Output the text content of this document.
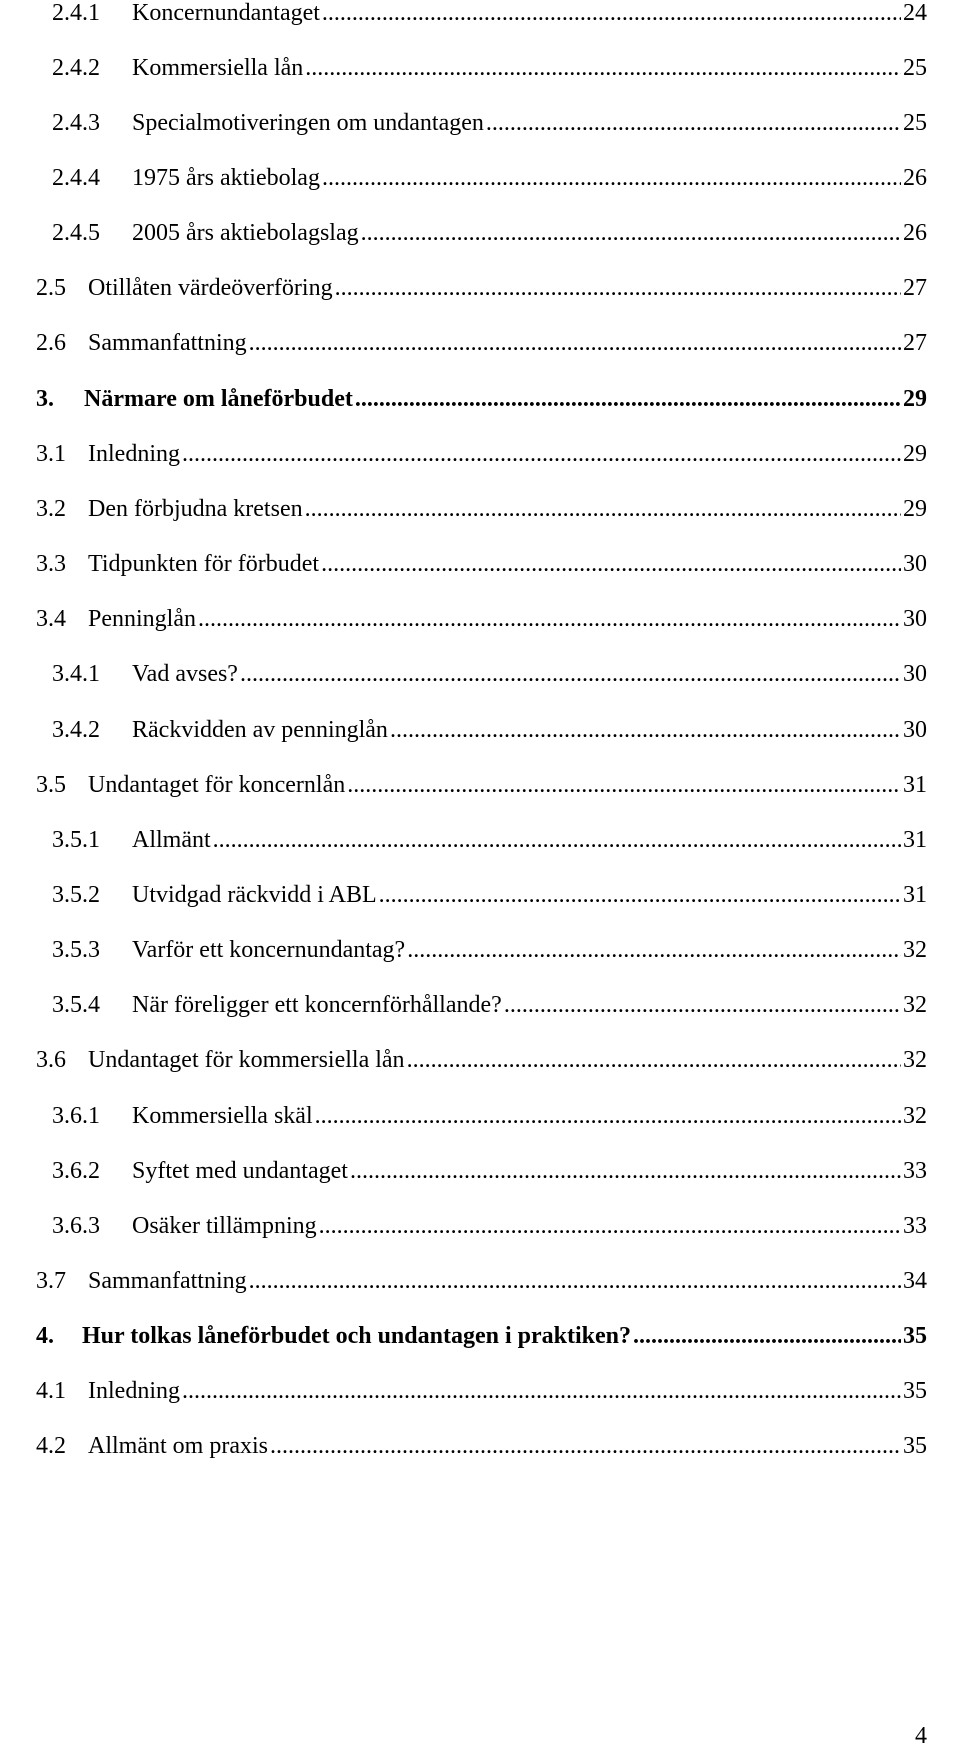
2.4.1	Koncernundantaget .....	24
2.4.2	Kommersiella lån .....	25
2.4.3	Specialmotiveringen om undantagen .....	25
2.4.4	1975 års aktiebolag .....	26
2.4.5	2005 års aktiebolagslag .....	26
2.5 Otillåten värdeöverföring .....	27
2.6 Sammanfattning .....	27
3.	Närmare om låneförbudet .....	29
3.1 Inledning .....	29
3.2 Den förbjudna kretsen .....	29
3.3 Tidpunkten för förbudet .....	30
3.4 Penninglån .....	30
3.4.1	Vad avses? .....	30
3.4.2	Räckvidden av penninglån .....	30
3.5 Undantaget för koncernlån .....	31
3.5.1	Allmänt .....	31
3.5.2	Utvidgad räckvidd i ABL .....	31
3.5.3	Varför ett koncernundantag? .....	32
3.5.4	När föreligger ett koncernförhållande? .....	32
3.6 Undantaget för kommersiella lån .....	32
3.6.1	Kommersiella skäl .....	32
3.6.2	Syftet med undantaget .....	33
3.6.3	Osäker tillämpning .....	33
3.7 Sammanfattning .....	34
4.	Hur tolkas låneförbudet och undantagen i praktiken? .....	35
4.1 Inledning .....	35
4.2 Allmänt om praxis .....	35
4
